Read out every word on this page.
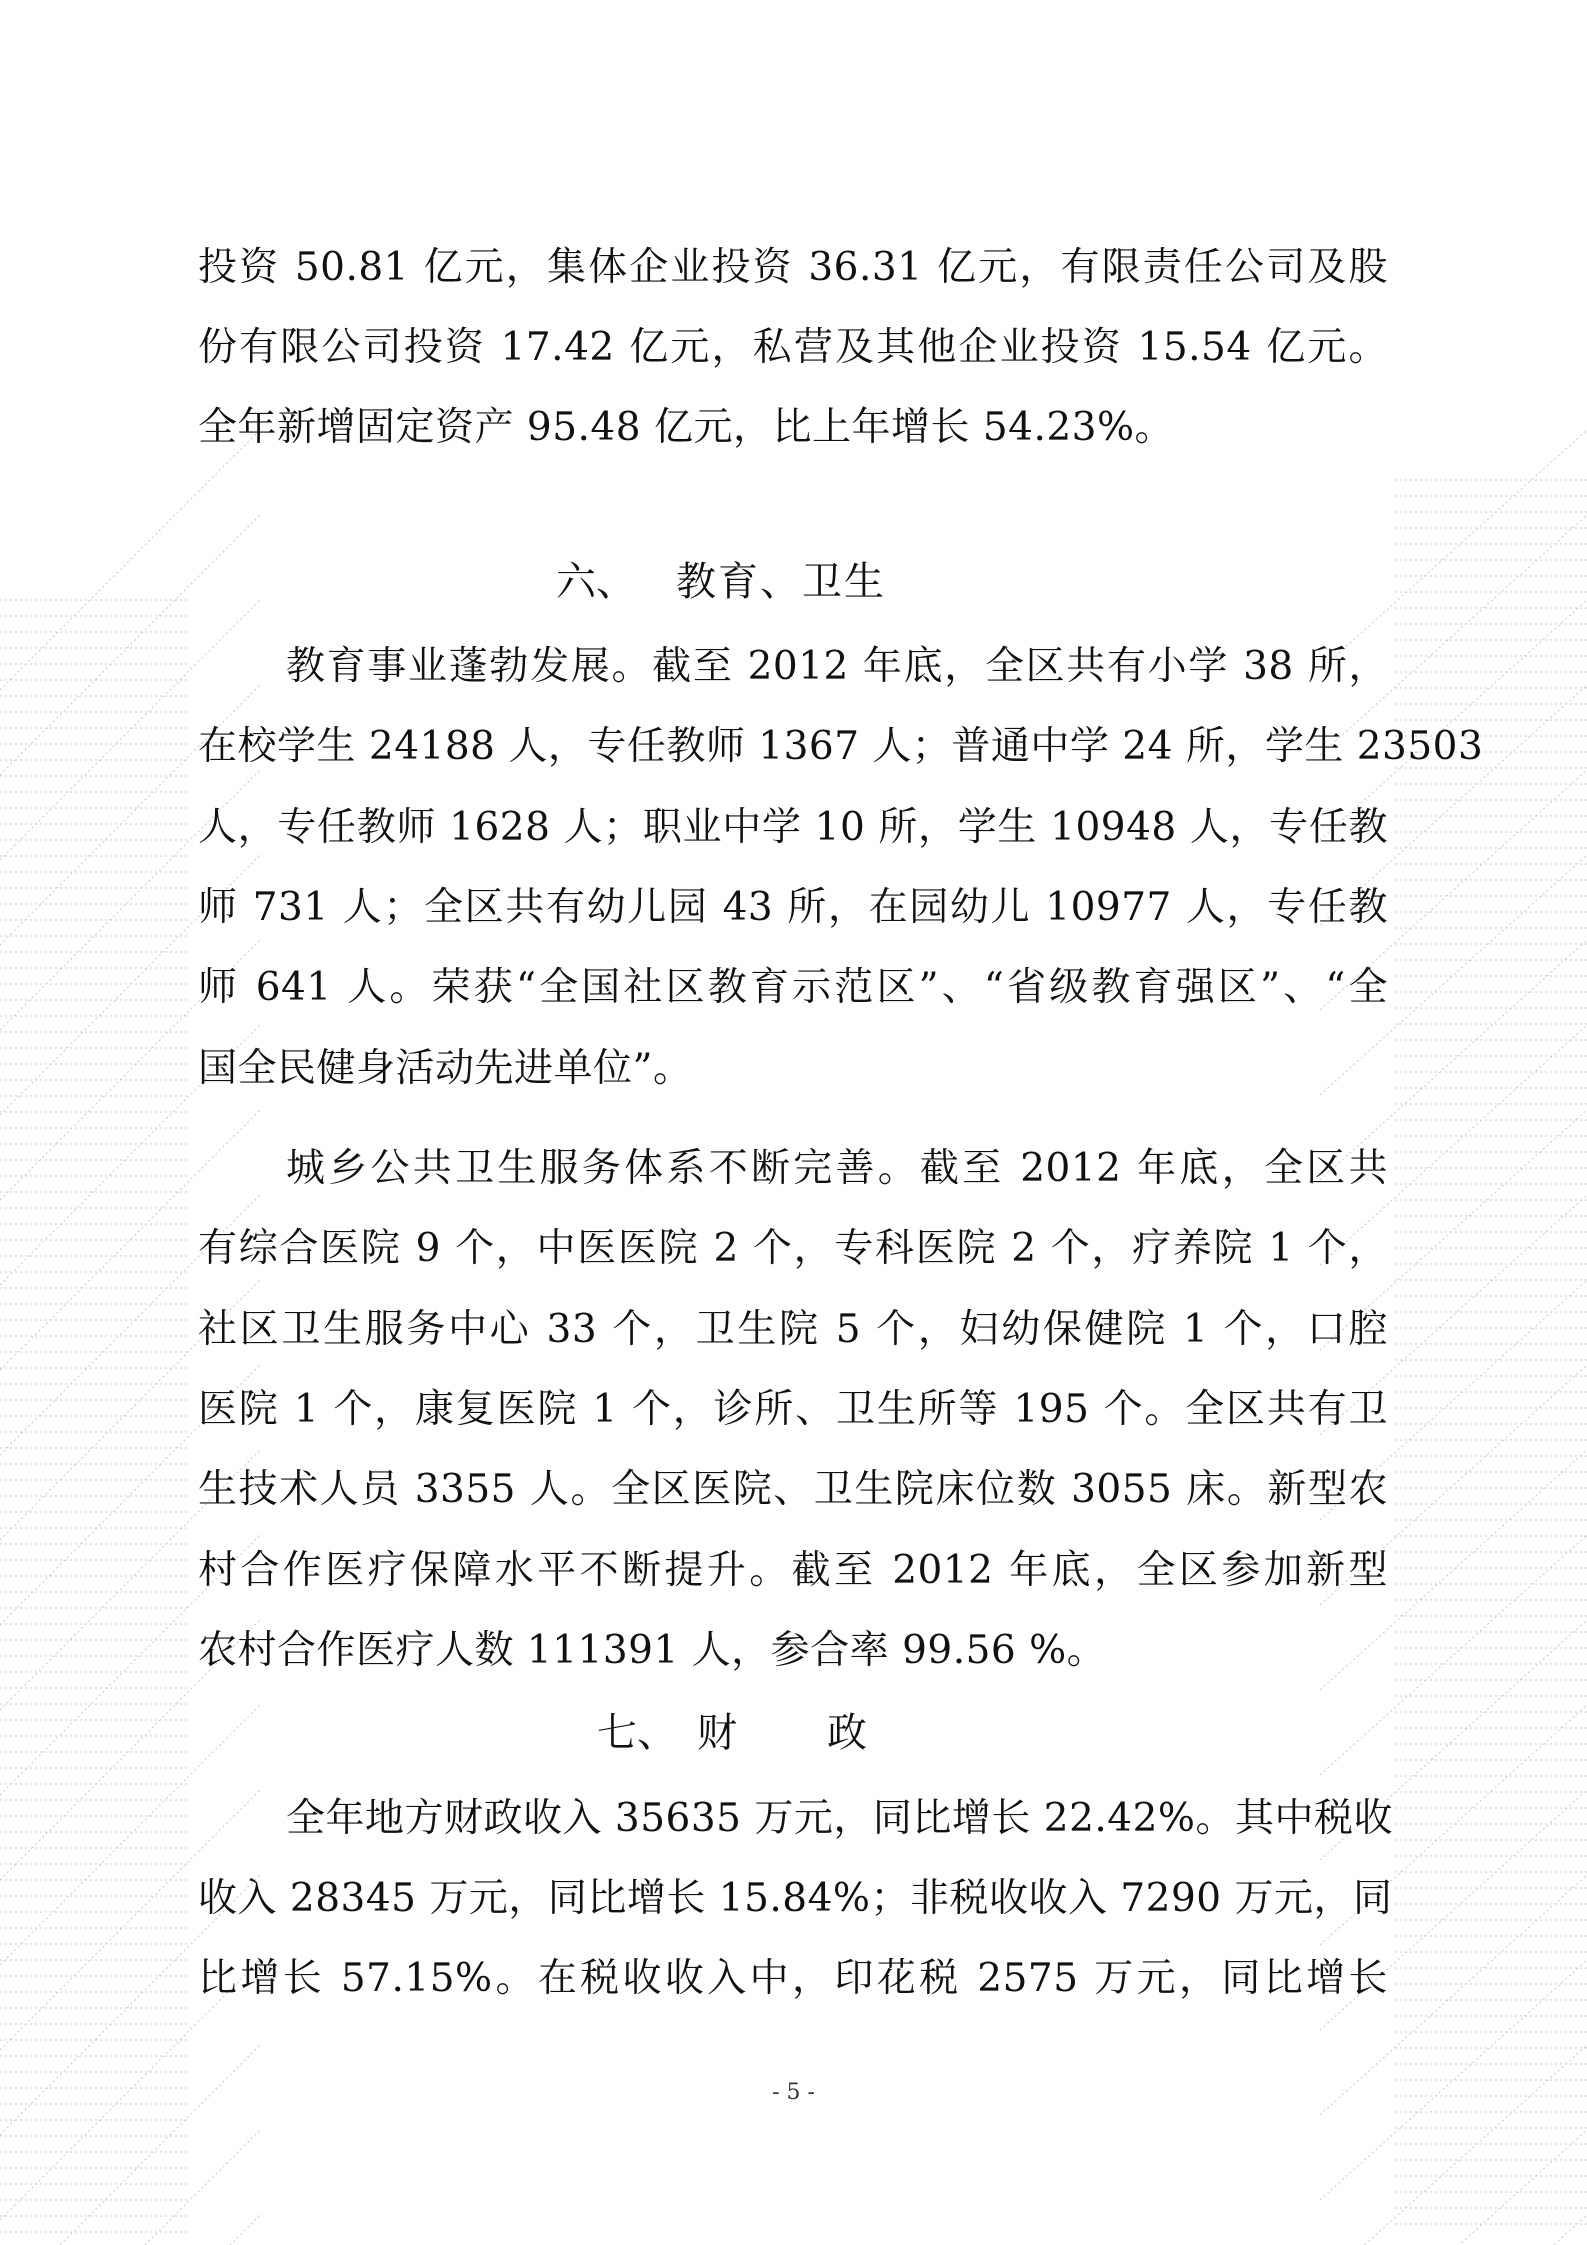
投资 50.81 亿元，集体企业投资 36.31 亿元，有限责任公司及股
份有限公司投资 17.42 亿元，私营及其他企业投资 15.54 亿元。
全年新增固定资产 95.48 亿元，比上年增长 54.23%。
教育事业蓬勃发展。截至 2012 年底，全区共有小学 38 所，
在校学生 24188 人，专任教师 1367 人；普通中学 24 所，学生 23503
人，专任教师 1628 人；职业中学 10 所，学生 10948 人，专任教
师 731 人；全区共有幼儿园 43 所，在园幼儿 10977 人，专任教
师 641 人。荣获“全国社区教育示范区”、“省级教育强区”、“全
国全民健身活动先进单位”。
城乡公共卫生服务体系不断完善。截至 2012 年底，全区共
有综合医院 9 个，中医医院 2 个，专科医院 2 个，疗养院 1 个，
社区卫生服务中心 33 个，卫生院 5 个，妇幼保健院 1 个，口腔
医院 1 个，康复医院 1 个，诊所、卫生所等 195 个。全区共有卫
生技术人员 3355 人。全区医院、卫生院床位数 3055 床。新型农
村合作医疗保障水平不断提升。截至 2012 年底，全区参加新型
农村合作医疗人数 111391 人，参合率 99.56 %。
全年地方财政收入 35635 万元，同比增长 22.42%。其中税收
收入 28345 万元，同比增长 15.84%；非税收收入 7290 万元，同
比增长 57.15%。在税收收入中，印花税 2575 万元，同比增长
六、 教育、卫生
七、 财 政
- 5 -
